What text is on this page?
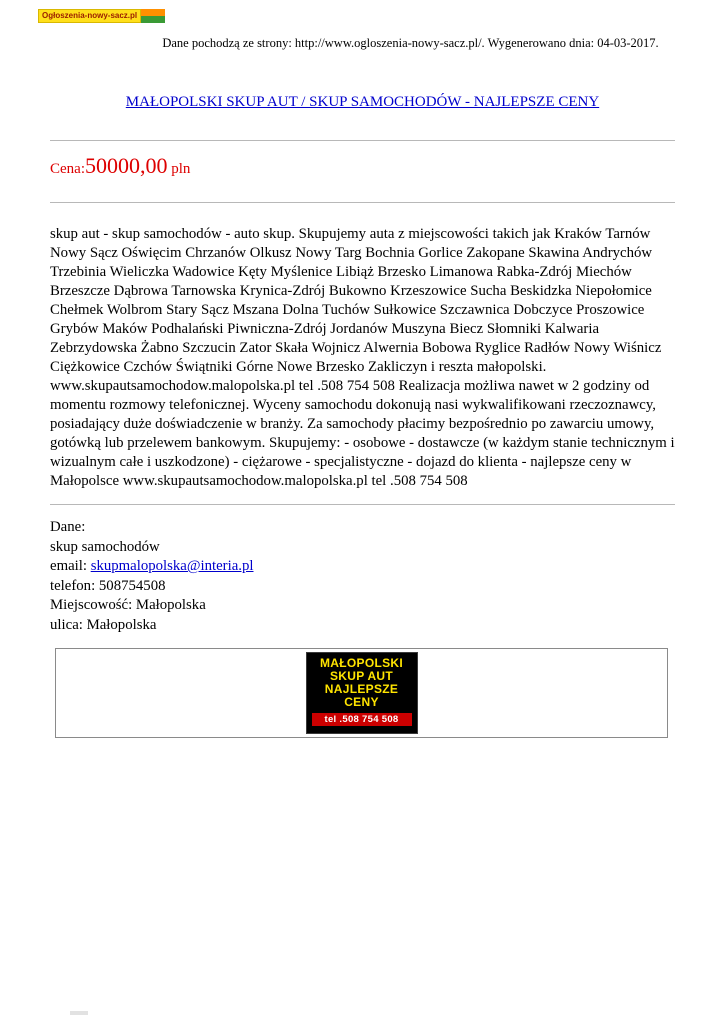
Ogłoszenia-nowy-sacz.pl
Dane pochodzą ze strony: http://www.ogloszenia-nowy-sacz.pl/. Wygenerowano dnia: 04-03-2017.
MAŁOPOLSKI SKUP AUT / SKUP SAMOCHODÓW - NAJLEPSZE CENY
Cena:50000,00 pln

skup aut - skup samochodów - auto skup. Skupujemy auta z miejscowości takich jak Kraków Tarnów Nowy Sącz Oświęcim Chrzanów Olkusz Nowy Targ Bochnia Gorlice Zakopane Skawina Andrychów Trzebinia Wieliczka Wadowice Kęty Myślenice Libiąż Brzesko Limanowa Rabka-Zdrój Miechów Brzeszcze Dąbrowa Tarnowska Krynica-Zdrój Bukowno Krzeszowice Sucha Beskidzka Niepołomice Chełmek Wolbrom Stary Sącz Mszana Dolna Tuchów Sułkowice Szczawnica Dobczyce Proszowice Grybów Maków Podhalański Piwniczna-Zdrój Jordanów Muszyna Biecz Słomniki Kalwaria Zebrzydowska Żabno Szczucin Zator Skała Wojnicz Alwernia Bobowa Ryglice Radłów Nowy Wiśnicz Ciężkowice Czchów Świątniki Górne Nowe Brzesko Zakliczyn i reszta małopolski. www.skupautsamochodow.malopolska.pl tel .508 754 508 Realizacja możliwa nawet w 2 godziny od momentu rozmowy telefonicznej. Wyceny samochodu dokonują nasi wykwalifikowani rzeczoznawcy, posiadający duże doświadczenie w branży. Za samochody płacimy bezpośrednio po zawarciu umowy, gotówką lub przelewem bankowym. Skupujemy: - osobowe - dostawcze (w każdym stanie technicznym i wizualnym całe i uszkodzone) - ciężarowe - specjalistyczne - dojazd do klienta - najlepsze ceny w Małopolsce www.skupautsamochodow.malopolska.pl tel .508 754 508

Dane:
skup samochodów
email: skupmalopolska@interia.pl
telefon: 508754508
Miejscowość: Małopolska
ulica: Małopolska
MAŁOPOLSKI
SKUP AUT
NAJLEPSZE
CENY
tel .508 754 508
